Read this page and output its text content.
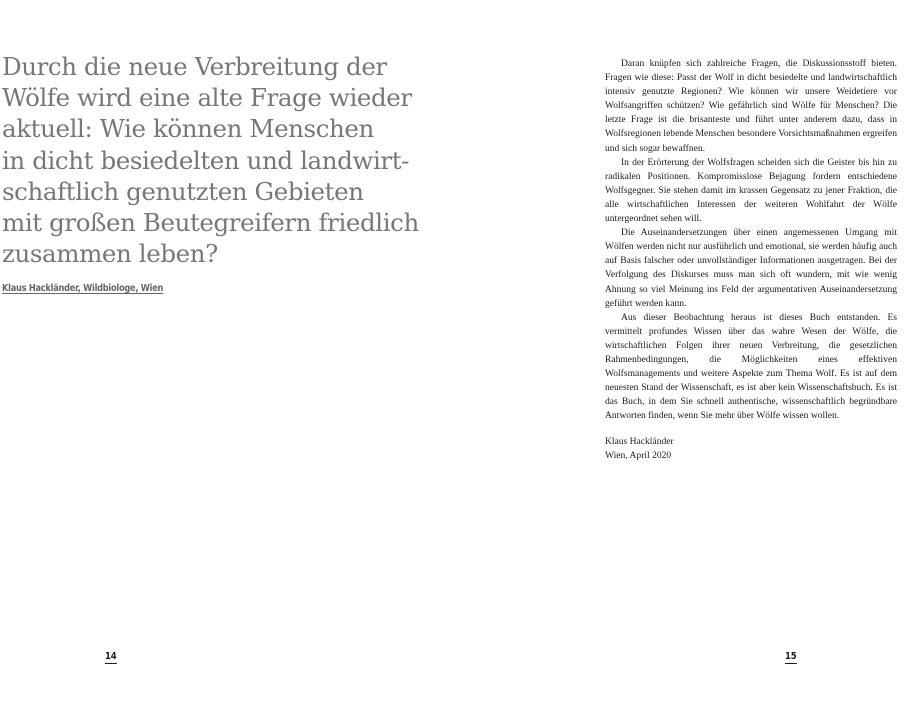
Durch die neue Verbreitung der
Wölfe wird eine alte Frage wieder
aktuell: Wie können Menschen
in dicht besiedelten und landwirt-
schaftlich genutzten Gebieten
mit großen Beutegreifern friedlich
zusammen leben?
Klaus Hackländer, Wildbiologe, Wien
14

Daran knüpfen sich zahlreiche Fragen, die Diskussionsstoff bieten. Fragen wie diese: Passt der Wolf in dicht besiedelte und landwirtschaftlich intensiv genutzte Regionen? Wie können wir unsere Weidetiere vor Wolfsangriffen schützen? Wie gefährlich sind Wölfe für Menschen? Die letzte Frage ist die brisanteste und führt unter anderem dazu, dass in Wolfsregionen lebende Menschen besondere Vorsichtsmaßnahmen ergreifen und sich sogar bewaffnen.

In der Erörterung der Wolfsfragen scheiden sich die Geister bis hin zu radikalen Positionen. Kompromisslose Bejagung fordern entschiedene Wolfsgegner. Sie stehen damit im krassen Gegensatz zu jener Fraktion, die alle wirtschaftlichen Interessen der weiteren Wohlfahrt der Wölfe untergeordnet sehen will.

Die Auseinandersetzungen über einen angemessenen Umgang mit Wölfen werden nicht nur ausführlich und emotional, sie werden häufig auch auf Basis falscher oder unvollständiger Informationen ausgetragen. Bei der Verfolgung des Diskurses muss man sich oft wundern, mit wie wenig Ahnung so viel Meinung ins Feld der argumentativen Auseinandersetzung geführt werden kann.

Aus dieser Beobachtung heraus ist dieses Buch entstanden. Es vermittelt profundes Wissen über das wahre Wesen der Wölfe, die wirtschaftlichen Folgen ihrer neuen Verbreitung, die gesetzlichen Rahmenbedingungen, die Möglichkeiten eines effektiven Wolfsmanagements und weitere Aspekte zum Thema Wolf. Es ist auf dem neuesten Stand der Wissenschaft, es ist aber kein Wissenschaftsbuch. Es ist das Buch, in dem Sie schnell authentische, wissenschaftlich begründbare Antworten finden, wenn Sie mehr über Wölfe wissen wollen.

Klaus Hackländer
Wien, April 2020
15
